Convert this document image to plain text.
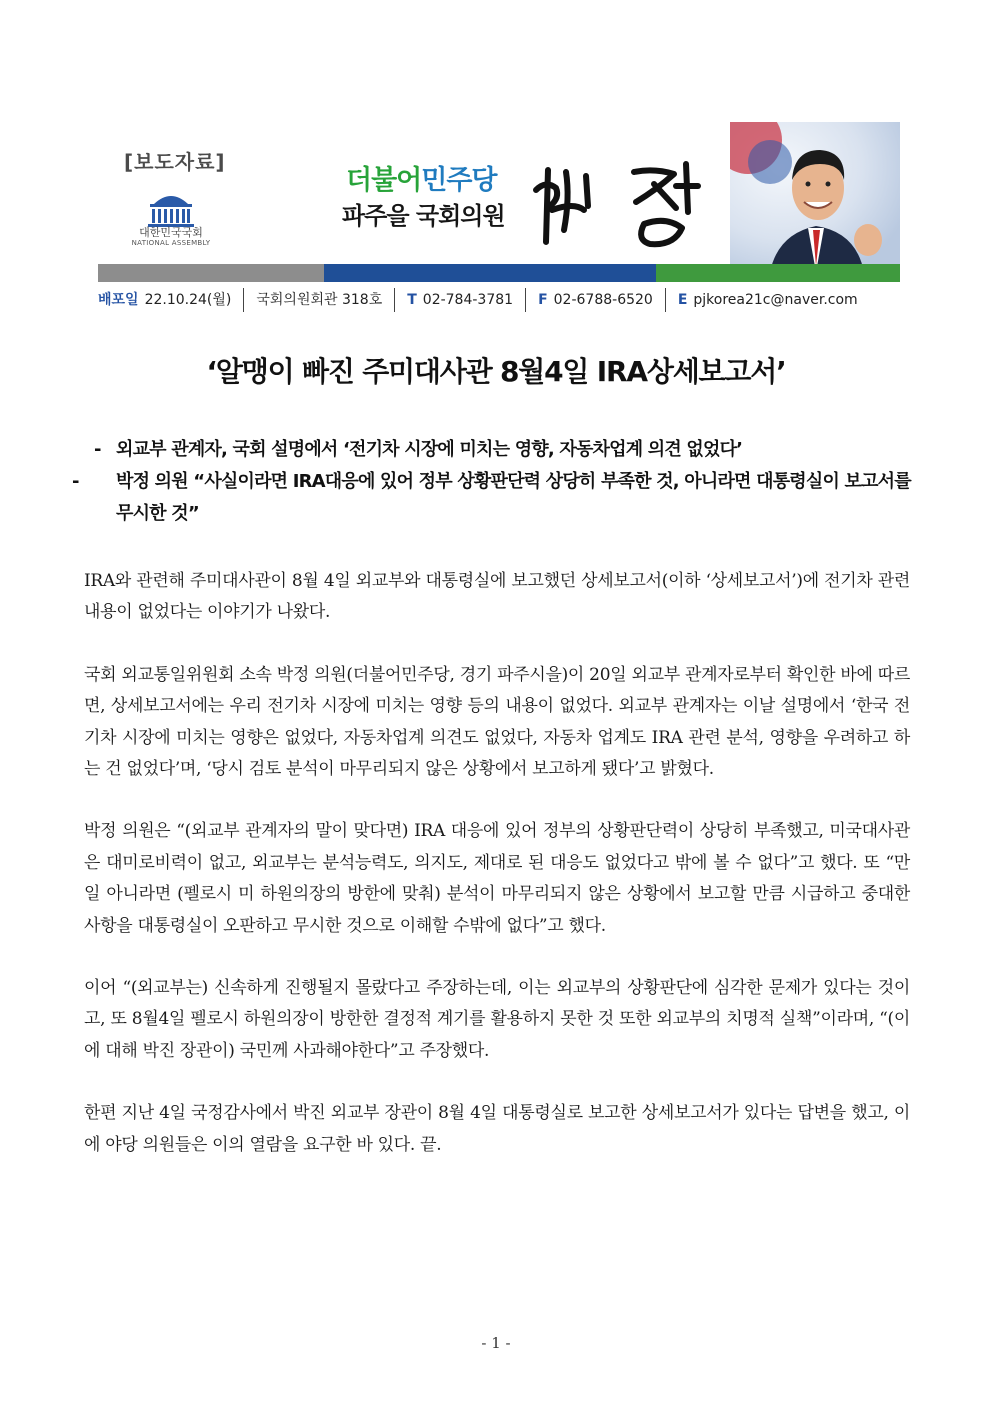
[보도자료]
대한민국국회
NATIONAL ASSEMBLY
더불어민주당
파주을 국회의원
배포일 22.10.24(월)	국회의원회관 318호	T 02-784-3781	F 02-6788-6520	E pjkorea21c@naver.com
‘알맹이 빠진 주미대사관 8월4일 IRA상세보고서’
- 외교부 관계자, 국회 설명에서 ‘전기차 시장에 미치는 영향, 자동차업계 의견 없었다’
- 박정 의원 “사실이라면 IRA대응에 있어 정부 상황판단력 상당히 부족한 것, 아니라면 대통령실이 보고서를 무시한 것”

IRA와 관련해 주미대사관이 8월 4일 외교부와 대통령실에 보고했던 상세보고서(이하 ‘상세보고서’)에 전기차 관련 내용이 없었다는 이야기가 나왔다.

국회 외교통일위원회 소속 박정 의원(더불어민주당, 경기 파주시을)이 20일 외교부 관계자로부터 확인한 바에 따르면, 상세보고서에는 우리 전기차 시장에 미치는 영향 등의 내용이 없었다. 외교부 관계자는 이날 설명에서 ‘한국 전기차 시장에 미치는 영향은 없었다, 자동차업계 의견도 없었다, 자동차 업계도 IRA 관련 분석, 영향을 우려하고 하는 건 없었다’며, ‘당시 검토 분석이 마무리되지 않은 상황에서 보고하게 됐다’고 밝혔다.

박정 의원은 “(외교부 관계자의 말이 맞다면) IRA 대응에 있어 정부의 상황판단력이 상당히 부족했고, 미국대사관은 대미로비력이 없고, 외교부는 분석능력도, 의지도, 제대로 된 대응도 없었다고 밖에 볼 수 없다”고 했다. 또 “만일 아니라면 (펠로시 미 하원의장의 방한에 맞춰) 분석이 마무리되지 않은 상황에서 보고할 만큼 시급하고 중대한 사항을 대통령실이 오판하고 무시한 것으로 이해할 수밖에 없다”고 했다.

이어 “(외교부는) 신속하게 진행될지 몰랐다고 주장하는데, 이는 외교부의 상황판단에 심각한 문제가 있다는 것이고, 또 8월4일 펠로시 하원의장이 방한한 결정적 계기를 활용하지 못한 것 또한 외교부의 치명적 실책”이라며, “(이에 대해 박진 장관이) 국민께 사과해야한다”고 주장했다.

한편 지난 4일 국정감사에서 박진 외교부 장관이 8월 4일 대통령실로 보고한 상세보고서가 있다는 답변을 했고, 이에 야당 의원들은 이의 열람을 요구한 바 있다. 끝.

- 1 -
